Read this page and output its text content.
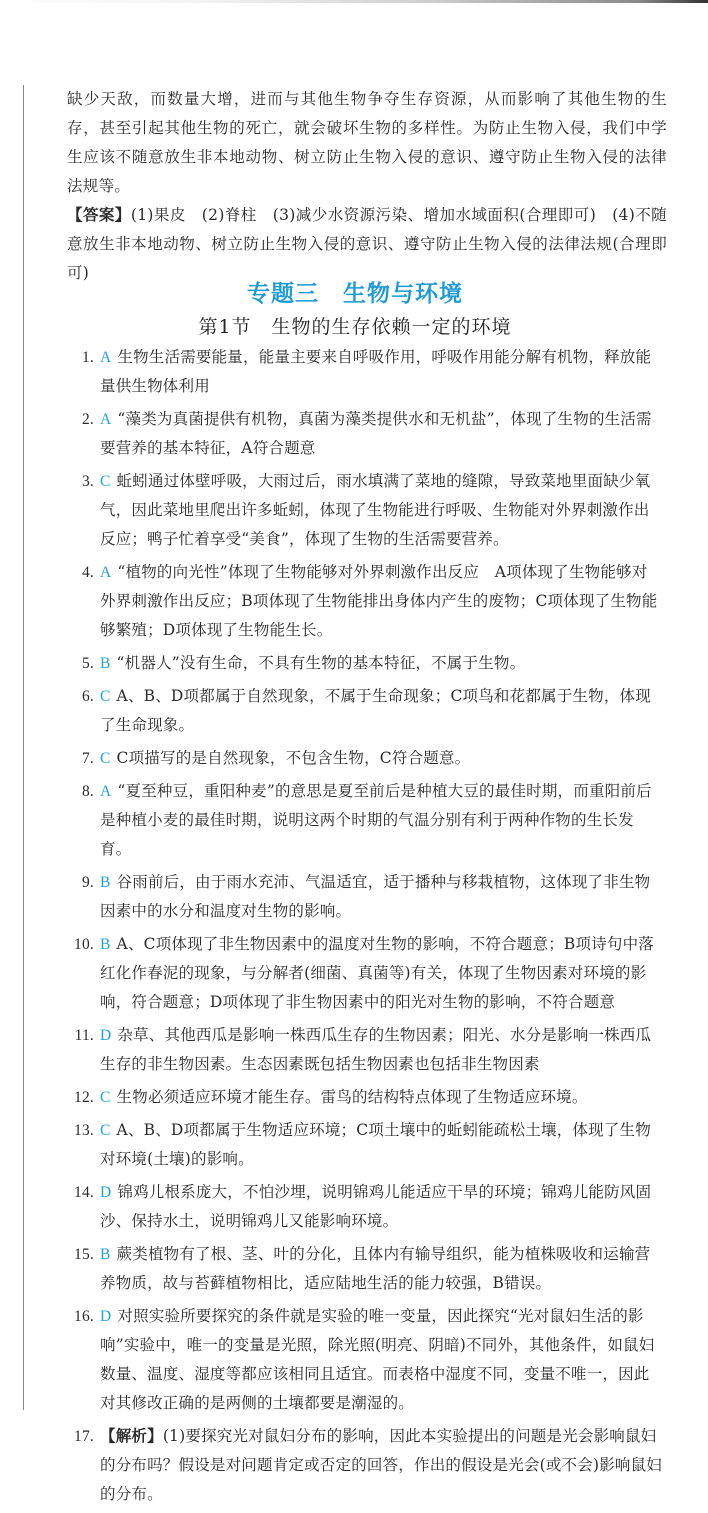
缺少天敌，而数量大增，进而与其他生物争夺生存资源，从而影响了其他生物的生存，甚至引起其他生物的死亡，就会破坏生物的多样性。为防止生物入侵，我们中学生应该不随意放生非本地动物、树立防止生物入侵的意识、遵守防止生物入侵的法律法规等。
【答案】(1)果皮　(2)脊柱　(3)减少水资源污染、增加水域面积(合理即可)　(4)不随意放生非本地动物、树立防止生物入侵的意识、遵守防止生物入侵的法律法规(合理即可)
专题三　生物与环境
第1节　生物的生存依赖一定的环境
1. A 生物生活需要能量，能量主要来自呼吸作用，呼吸作用能分解有机物，释放能量供生物体利用
2. A “藻类为真菌提供有机物，真菌为藻类提供水和无机盐”，体现了生物的生活需要营养的基本特征，A符合题意
3. C 蚯蚓通过体壁呼吸，大雨过后，雨水填满了菜地的缝隙，导致菜地里面缺少氧气，因此菜地里爬出许多蚯蚓，体现了生物能进行呼吸、生物能对外界刺激作出反应；鸭子忙着享受“美食”，体现了生物的生活需要营养。
4. A “植物的向光性”体现了生物能够对外界刺激作出反应　A项体现了生物能够对外界刺激作出反应；B项体现了生物能排出身体内产生的废物；C项体现了生物能够繁殖；D项体现了生物能生长。
5. B “机器人”没有生命，不具有生物的基本特征，不属于生物。
6. C A、B、D项都属于自然现象，不属于生命现象；C项鸟和花都属于生物，体现了生命现象。
7. C C项描写的是自然现象，不包含生物，C符合题意。
8. A “夏至种豆，重阳种麦”的意思是夏至前后是种植大豆的最佳时期，而重阳前后是种植小麦的最佳时期，说明这两个时期的气温分别有利于两种作物的生长发育。
9. B 谷雨前后，由于雨水充沛、气温适宜，适于播种与移栽植物，这体现了非生物因素中的水分和温度对生物的影响。
10. B A、C项体现了非生物因素中的温度对生物的影响，不符合题意；B项诗句中落红化作春泥的现象，与分解者(细菌、真菌等)有关，体现了生物因素对环境的影响，符合题意；D项体现了非生物因素中的阳光对生物的影响，不符合题意
11. D 杂草、其他西瓜是影响一株西瓜生存的生物因素；阳光、水分是影响一株西瓜生存的非生物因素。生态因素既包括生物因素也包括非生物因素
12. C 生物必须适应环境才能生存。雷鸟的结构特点体现了生物适应环境。
13. C A、B、D项都属于生物适应环境；C项土壤中的蚯蚓能疏松土壤，体现了生物对环境(土壤)的影响。
14. D 锦鸡儿根系庞大，不怕沙埋，说明锦鸡儿能适应干旱的环境；锦鸡儿能防风固沙、保持水土，说明锦鸡儿又能影响环境。
15. B 蕨类植物有了根、茎、叶的分化，且体内有输导组织，能为植株吸收和运输营养物质，故与苔藓植物相比，适应陆地生活的能力较强，B错误。
16. D 对照实验所要探究的条件就是实验的唯一变量，因此探究“光对鼠妇生活的影响”实验中，唯一的变量是光照，除光照(明亮、阴暗)不同外，其他条件，如鼠妇数量、温度、湿度等都应该相同且适宜。而表格中湿度不同，变量不唯一，因此对其修改正确的是两侧的土壤都要是潮湿的。
17. 【解析】(1)要探究光对鼠妇分布的影响，因此本实验提出的问题是光会影响鼠妇的分布吗？假设是对问题肯定或否定的回答，作出的假设是光会(或不会)影响鼠妇的分布。
